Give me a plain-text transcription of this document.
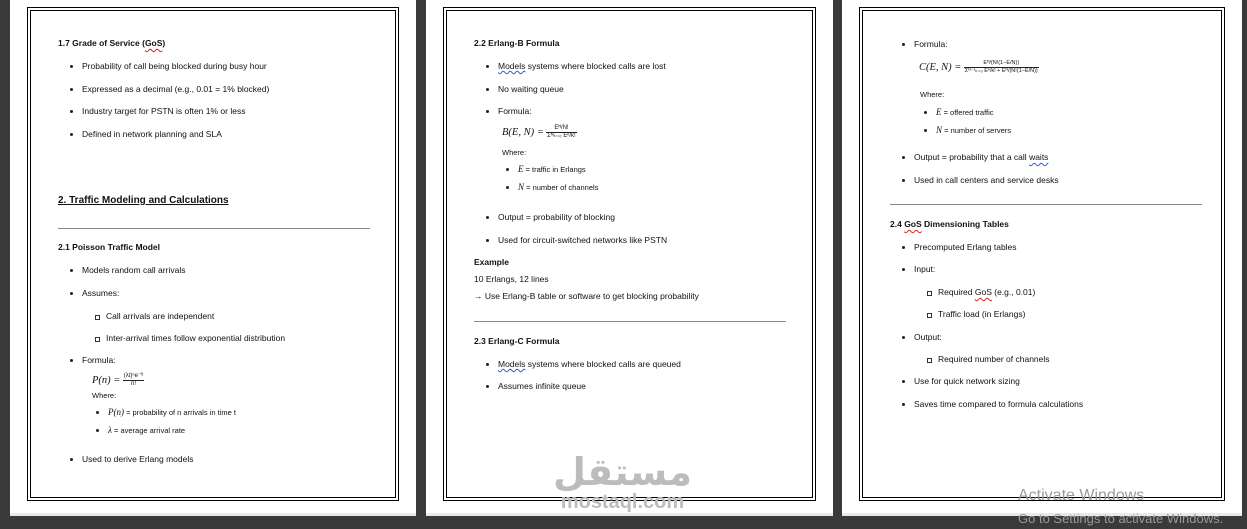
1.7 Grade of Service (GoS)
Probability of call being blocked during busy hour
Expressed as a decimal (e.g., 0.01 = 1% blocked)
Industry target for PSTN is often 1% or less
Defined in network planning and SLA
2. Traffic Modeling and Calculations
2.1 Poisson Traffic Model
Models random call arrivals
Assumes:
Call arrivals are independent
Inter-arrival times follow exponential distribution
Formula:
$P(n) = \frac{\text{(λt)ⁿe⁻ˡᵗ}}{n!}$
Where:
P(n) = probability of n arrivals in time t
λ = average arrival rate
Used to derive Erlang models
2.2 Erlang-B Formula
Models systems where blocked calls are lost
No waiting queue
Formula:
B(E, $N) = \frac{\text{Eᴺ/N!}}{\text{Σᴺₖ₌₀ Eᵏ/k!}}$
Where:
E = traffic in Erlangs
N = number of channels
Output = probability of blocking
Used for circuit-switched networks like PSTN
Example
10 Erlangs, 12 lines
→ Use Erlang-B table or software to get blocking probability
2.3 Erlang-C Formula
Models systems where blocked calls are queued
Assumes infinite queue
Formula:
C(E, $N) = \frac{\text{Eᴺ/(N!(1−E/N))}}{\text{Σᴺ⁻¹ₖ₌₀ Eᵏ/k! + Eᴺ/(N!(1−E/N))}}$
Where:
E = offered traffic
N = number of servers
Output = probability that a call waits
Used in call centers and service desks
2.4 GoS Dimensioning Tables
Precomputed Erlang tables
Input:
Required GoS (e.g., 0.01)
Traffic load (in Erlangs)
Output:
Required number of channels
Use for quick network sizing
Saves time compared to formula calculations
مستقل
mostaql.com	Activate Windows
Go to Settings to activate Windows.
